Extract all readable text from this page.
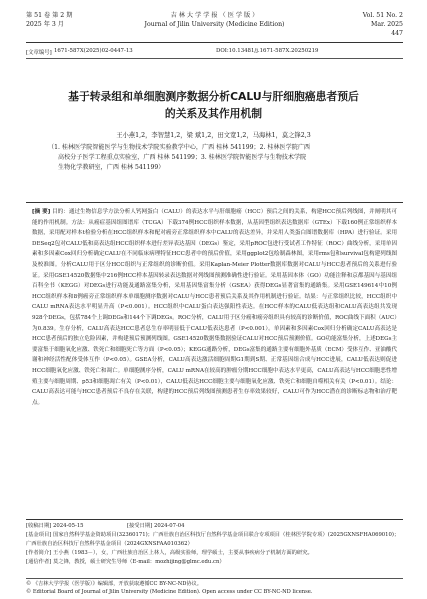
第 51 卷 第 2 期
2025 年 3 月
吉 林 大 学 学 报 （ 医 学 版 ）
Journal of Jilin University (Medicine Edition)
Vol. 51 No. 2
Mar. 2025
447
[文章编号] 1671-587X(2025)02-0447-13	DOI:10.13481/j.1671-587X.20250219
基于转录组和单细胞测序数据分析CALU与肝细胞癌患者预后
的关系及其作用机制
王小燕1,2，李智慧1,2，梁 斌1,2，田文宽1,2，马海林1，莫之锋2,3
（1. 桂林医学院智能医学与生物技术学院实验教学中心，广西 桂林 541199；2. 桂林医学院广西
高校分子医学工程重点实验室，广西 桂林 541199；3. 桂林医学院智能医学与生物技术学院
生物化学教研室，广西 桂林 541199）
[摘 要] 目的：通过生物信息学方法分析人钙网蛋白（CALU）的表达水平与肝细胞癌（HCC）预后之间的关系，构建HCC预后列线图，并阐明其可能的作用机制。方法：从癌症基因组图谱库（TCGA）下载374例HCC组织样本数据，从基因型组织表达数据库（GTEx）下载160例正常组织样本数据，采用配对样本t检验分析在HCC组织样本和配对癌旁正常组织样本中CALU的表达差异，并采用人类蛋白图谱数据库（HPA）进行验证。采用DESeq2包对CALU低和高表达组HCC组织样本进行差异表达基因（DEGs）鉴定，采用pROC包进行受试者工作特征（ROC）曲线分析，采用单因素和多因素Cox回归分析确定CALU在不同临床病理特征HCC患者中的预后价值，采用ggplot2包绘制森林图，采用rms包和survival包构建列线图及校准图。分析CALU用于区分HCC组织与正常组织的诊断价值。采用Kaplan-Meier Plotter数据库数据对CALU与HCC患者预后的关系进行验证。采用GSE14520数据集中216例HCC样本基因转录表达数据对列线图预测准确性进行验证。采用基因本体（GO）功能注释和京都基因与基因组百科全书（KEGG）对DEGs进行功能及通路富集分析，采用基因集富集分析（GSEA）获得DEGs显著富集的通路集。采用GSE149614中10例HCC组织样本和8例癌旁正常组织样本单细胞测序数据对CALU与HCC患者预后关系及其作用机制进行验证。结果：与正常组织比较，HCC组织中CALU mRNA表达水平明显升高（P<0.001）。HCC组织中CALU蛋白表达强阳性表达。在HCC样本的CALU低表达组和CALU高表达组共发现928个DEGs，包括784个上调DEGs和144个下调DEGs。ROC分析，CALU用于区分癌和癌旁组织具有较高的诊断价值，ROC曲线下面积（AUC）为0.839。生存分析，CALU高表达HCC患者总生存率明显低于CALU低表达患者（P<0.001）。单因素和多因素Cox回归分析确定CALU高表达是HCC患者预后的独立危险因素，并构建预后预测列线图。GSE14520数据集数据验证CALU对HCC预后预测价值。GO功能富集分析，上述DEGs主要富集于细胞氧化应激、铁死亡和细胞死亡等方面（P<0.05）；KEGG通路分析，DEGs富集的通路主要有细胞外基质（ECM）受体互作、亚油酸代谢和神经活性配体受体互作（P<0.05）。GSEA分析，CALU高表达激活细胞周期G1期到S期、正常基因组合成与HCC进展，CALU低表达则促进HCC细胞氧化应激、铁死亡和凋亡。单细胞测序分析，CALU mRNA在较高的肿瘤分期HCC细胞中表达水平更高，CALU高表达与HCC细胞恶性增殖主要与细胞周期、p53和细胞凋亡有关（P<0.01），CALU低表达HCC细胞主要与细胞氧化应激、铁死亡和细胞自噬相关有关（P<0.01）。结论：CALU高表达可能与HCC患者预后不良存在关联，构建的HCC预后列线图预测患者生存率效果较好，CALU可作为HCC潜在的诊断标志物和治疗靶点。
[收稿日期] 2024-05-15	[接受日期] 2024-07-04
[基金项目] 国家自然科学基金资助项目(32360171)；广西壮族自治区科技厅自然科学基金项目联合专项项目（桂林医学院专项）(2025GXNSFHA069010)；广西壮族自治区科技厅自然科学基金项目（2024GXNSFAA010362）
[作者简介] 王小燕（1983－），女，广西壮族自治区上林人，高级实验师，理学硕士，主要从事疾病分子机制方面的研究。
[通信作者] 莫之锋，教授，硕士研究生导师（E-mail：mozhijing@glmc.edu.cn）
© 《吉林大学学报（医学版）》编辑部，开放获取遵循CC BY-NC-ND协议。
© Editorial Board of Journal of Jilin University (Medicine Edition). Open access under CC BY-NC-ND license.
